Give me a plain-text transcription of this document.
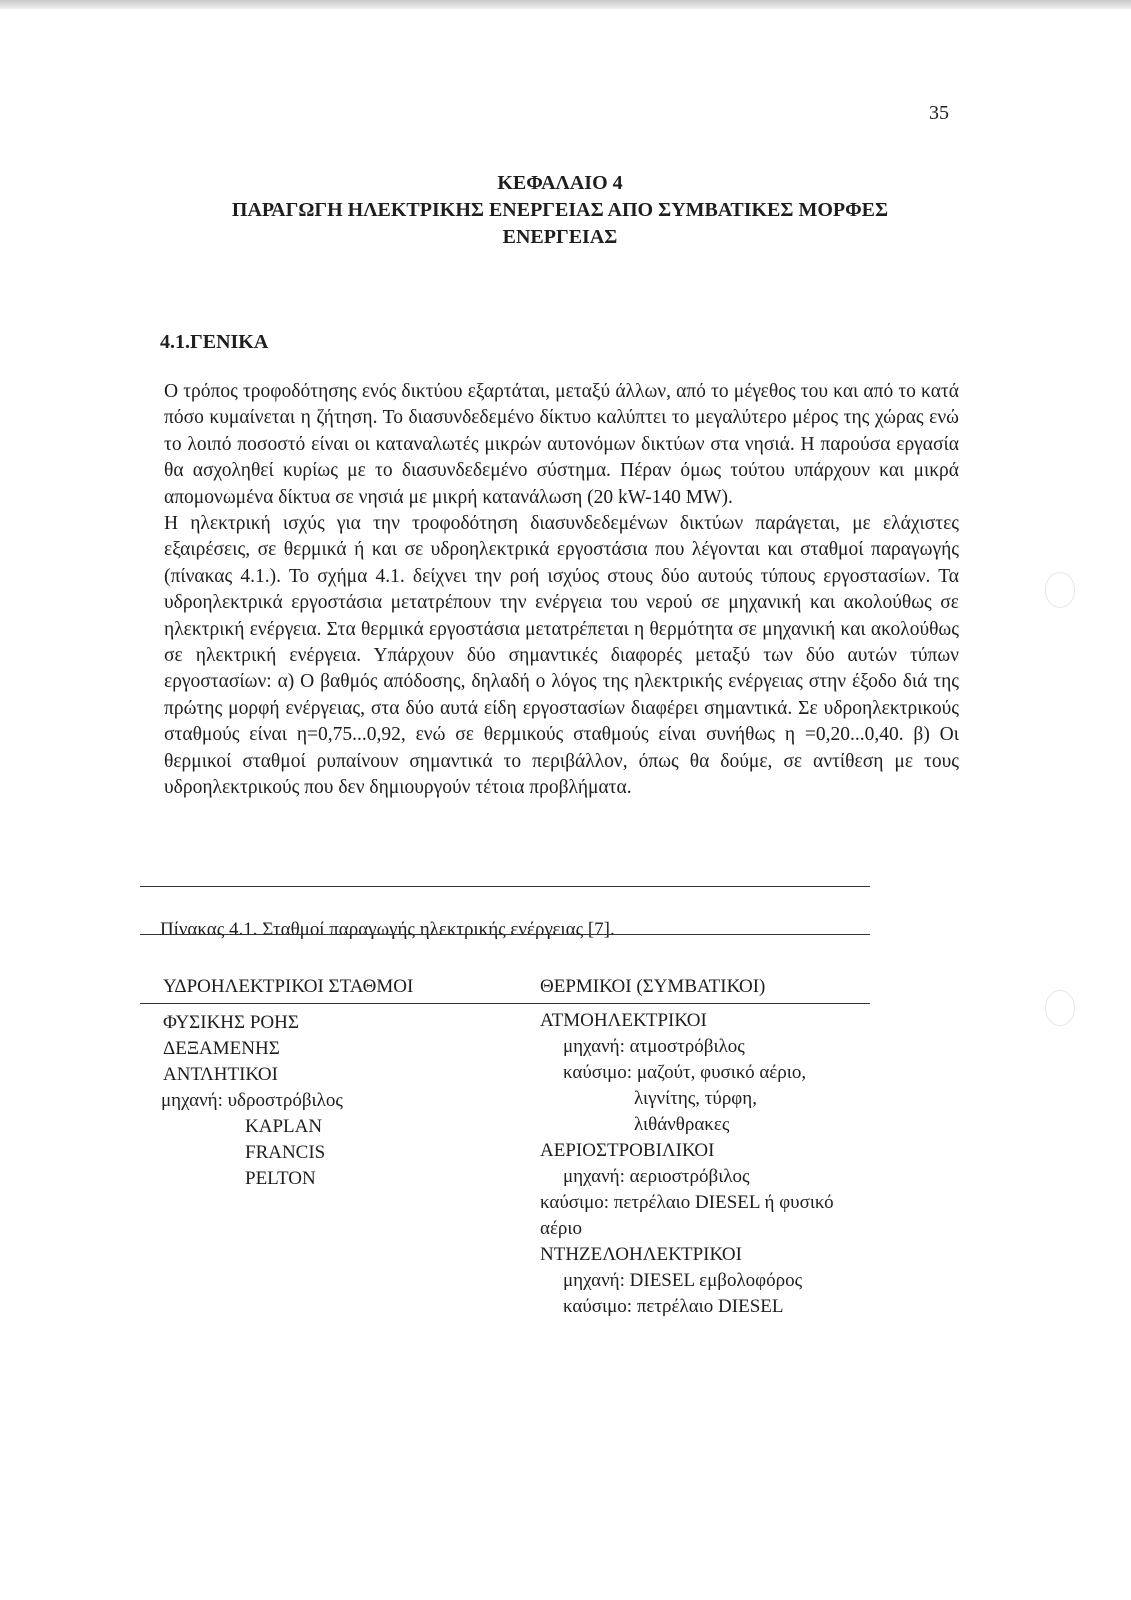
35
ΚΕΦΑΛΑΙΟ 4
ΠΑΡΑΓΩΓΗ ΗΛΕΚΤΡΙΚΗΣ ΕΝΕΡΓΕΙΑΣ ΑΠΟ ΣΥΜΒΑΤΙΚΕΣ ΜΟΡΦΕΣ
ΕΝΕΡΓΕΙΑΣ
4.1.ΓΕΝΙΚΑ

Ο τρόπος τροφοδότησης ενός δικτύου εξαρτάται, μεταξύ άλλων, από το μέγεθος του και από το κατά πόσο κυμαίνεται η ζήτηση. Το διασυνδεδεμένο δίκτυο καλύπτει το μεγαλύτερο μέρος της χώρας ενώ το λοιπό ποσοστό είναι οι καταναλωτές μικρών αυτονόμων δικτύων στα νησιά. Η παρούσα εργασία θα ασχοληθεί κυρίως με το διασυνδεδεμένο σύστημα. Πέραν όμως τούτου υπάρχουν και μικρά απομονωμένα δίκτυα σε νησιά με μικρή κατανάλωση (20 kW-140 MW).

Η ηλεκτρική ισχύς για την τροφοδότηση διασυνδεδεμένων δικτύων παράγεται, με ελάχιστες εξαιρέσεις, σε θερμικά ή και σε υδροηλεκτρικά εργοστάσια που λέγονται και σταθμοί παραγωγής (πίνακας 4.1.). Το σχήμα 4.1. δείχνει την ροή ισχύος στους δύο αυτούς τύπους εργοστασίων. Τα υδροηλεκτρικά εργοστάσια μετατρέπουν την ενέργεια του νερού σε μηχανική και ακολούθως σε ηλεκτρική ενέργεια. Στα θερμικά εργοστάσια μετατρέπεται η θερμότητα σε μηχανική και ακολούθως σε ηλεκτρική ενέργεια. Υπάρχουν δύο σημαντικές διαφορές μεταξύ των δύο αυτών τύπων εργοστασίων: α) Ο βαθμός απόδοσης, δηλαδή ο λόγος της ηλεκτρικής ενέργειας στην έξοδο διά της πρώτης μορφή ενέργειας, στα δύο αυτά είδη εργοστασίων διαφέρει σημαντικά. Σε υδροηλεκτρικούς σταθμούς είναι η=0,75...0,92, ενώ σε θερμικούς σταθμούς είναι συνήθως η =0,20...0,40. β) Οι θερμικοί σταθμοί ρυπαίνουν σημαντικά το περιβάλλον, όπως θα δούμε, σε αντίθεση με τους υδροηλεκτρικούς που δεν δημιουργούν τέτοια προβλήματα.

Πίνακας 4.1. Σταθμοί παραγωγής ηλεκτρικής ενέργειας [7].
ΥΔΡΟΗΛΕΚΤΡΙΚΟΙ ΣΤΑΘΜΟΙ	ΘΕΡΜΙΚΟΙ (ΣΥΜΒΑΤΙΚΟΙ)
ΦΥΣΙΚΗΣ ΡΟΗΣ
ΔΕΞΑΜΕΝΗΣ
ΑΝΤΛΗΤΙΚΟΙ
μηχανή: υδροστρόβιλος
KAPLAN
FRANCIS
PELTON
ΑΤΜΟΗΛΕΚΤΡΙΚΟΙ
μηχανή: ατμοστρόβιλος
καύσιμο: μαζούτ, φυσικό αέριο,
λιγνίτης, τύρφη,
λιθάνθρακες
ΑΕΡΙΟΣΤΡΟΒΙΛΙΚΟΙ
μηχανή: αεριοστρόβιλος
καύσιμο: πετρέλαιο DIESEL ή φυσικό
αέριο
ΝΤΗΖΕΛΟΗΛΕΚΤΡΙΚΟΙ
μηχανή: DIESEL εμβολοφόρος
καύσιμο: πετρέλαιο DIESEL
